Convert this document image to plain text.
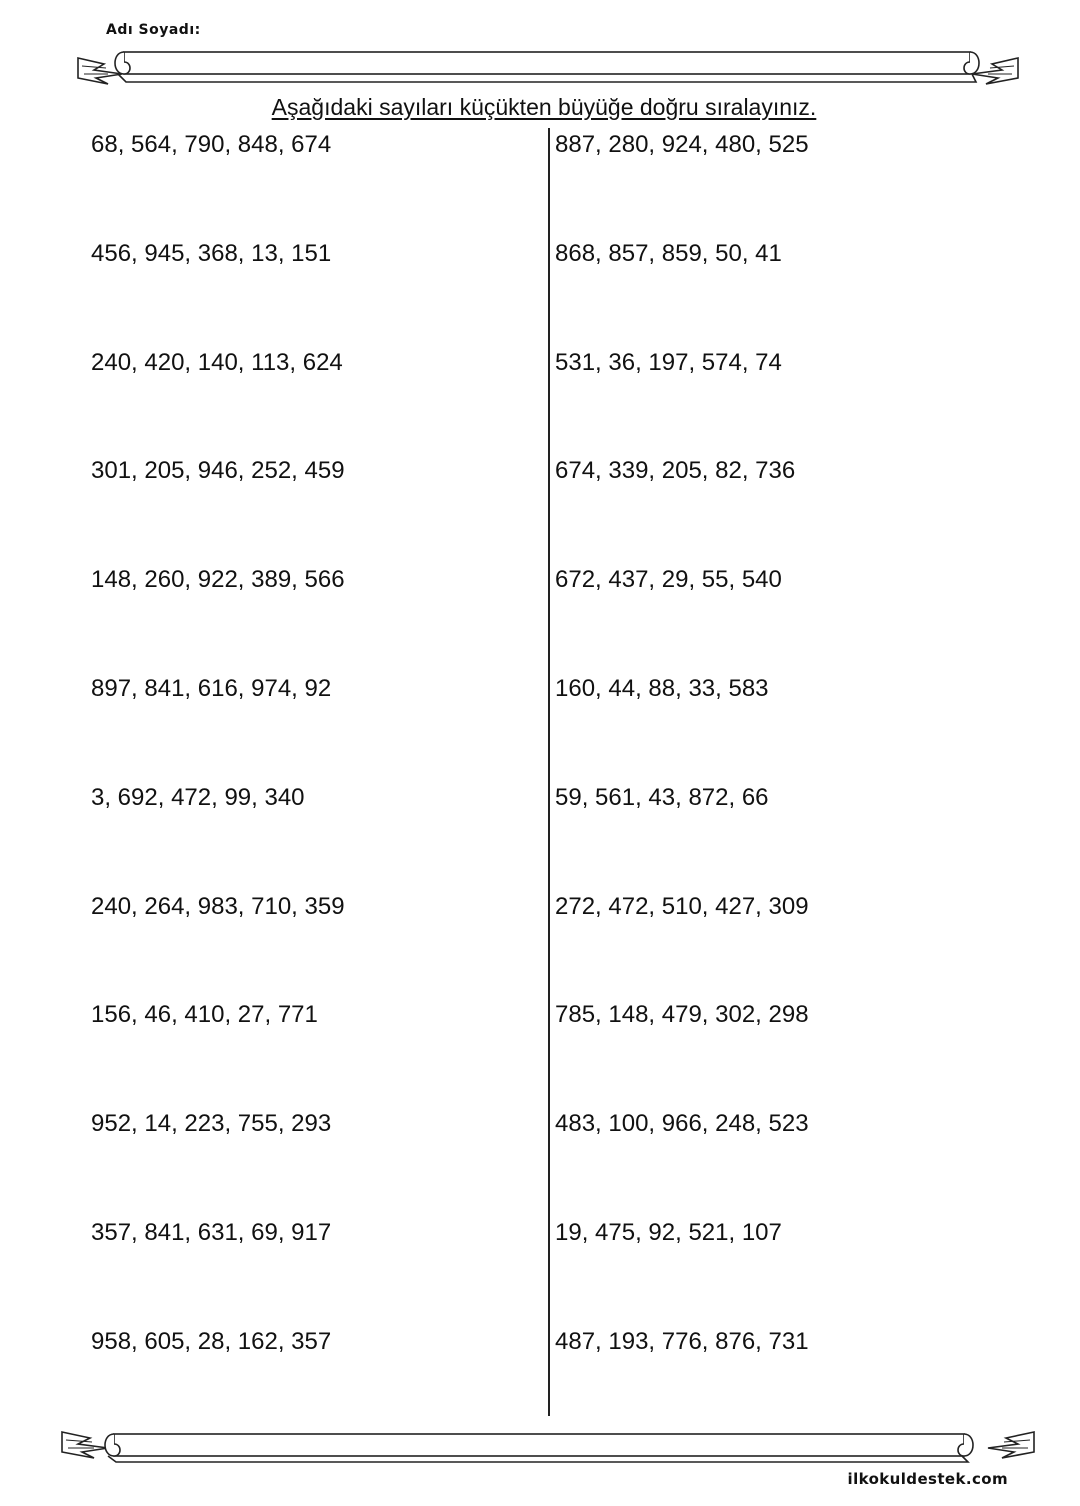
Adı Soyadı:
Aşağıdaki sayıları küçükten büyüğe doğru sıralayınız.
68, 564, 790, 848, 674
456, 945, 368, 13, 151
240, 420, 140, 113, 624
301, 205, 946, 252, 459
148, 260, 922, 389, 566
897, 841, 616, 974, 92
3, 692, 472, 99, 340
240, 264, 983, 710, 359
156, 46, 410, 27, 771
952, 14, 223, 755, 293
357, 841, 631, 69, 917
958, 605, 28, 162, 357
887, 280, 924, 480, 525
868, 857, 859, 50, 41
531, 36, 197, 574, 74
674, 339, 205, 82, 736
672, 437, 29, 55, 540
160, 44, 88, 33, 583
59, 561, 43, 872, 66
272, 472, 510, 427, 309
785, 148, 479, 302, 298
483, 100, 966, 248, 523
19, 475, 92, 521, 107
487, 193, 776, 876, 731
ilkokuldestek.com
